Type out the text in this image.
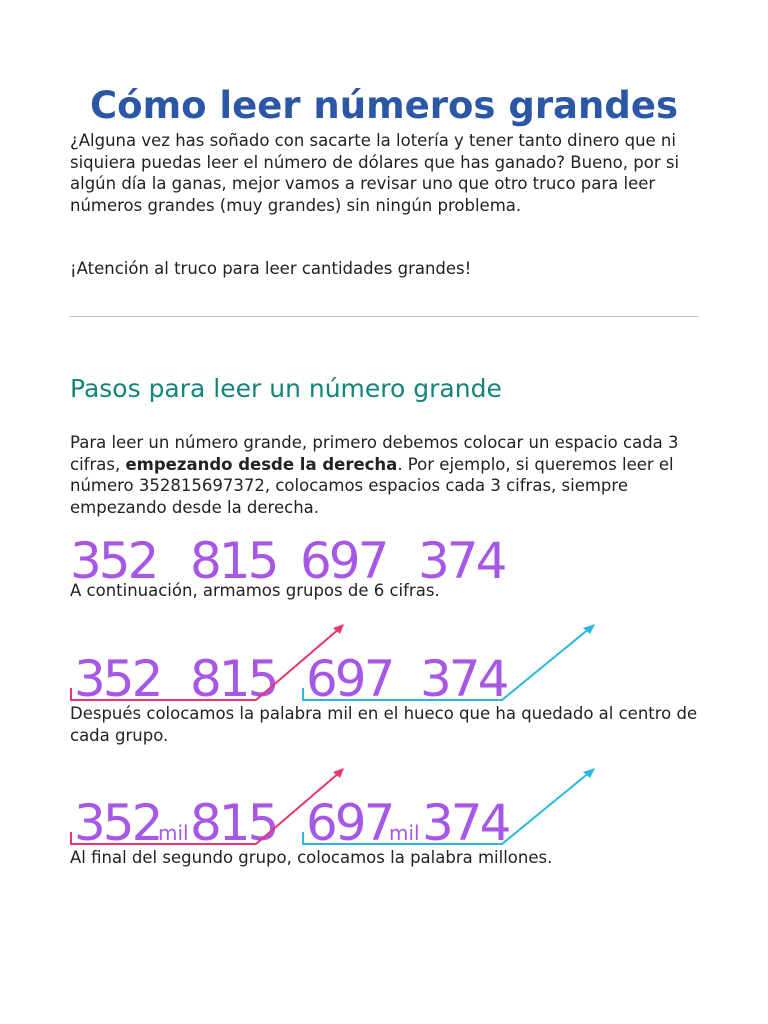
Cómo leer números grandes

¿Alguna vez has soñado con sacarte la lotería y tener tanto dinero que ni siquiera puedas leer el número de dólares que has ganado? Bueno, por si algún día la ganas, mejor vamos a revisar uno que otro truco para leer números grandes (muy grandes) sin ningún problema.

¡Atención al truco para leer cantidades grandes!

Pasos para leer un número grande

Para leer un número grande, primero debemos colocar un espacio cada 3 cifras, empezando desde la derecha. Por ejemplo, si queremos leer el número 352815697372, colocamos espacios cada 3 cifras, siempre empezando desde la derecha.

352 815 697 374

A continuación, armamos grupos de 6 cifras.

352 815 697 374

Después colocamos la palabra mil en el hueco que ha quedado al centro de cada grupo.

352
mil 815 697
mil 374

Al final del segundo grupo, colocamos la palabra millones.
